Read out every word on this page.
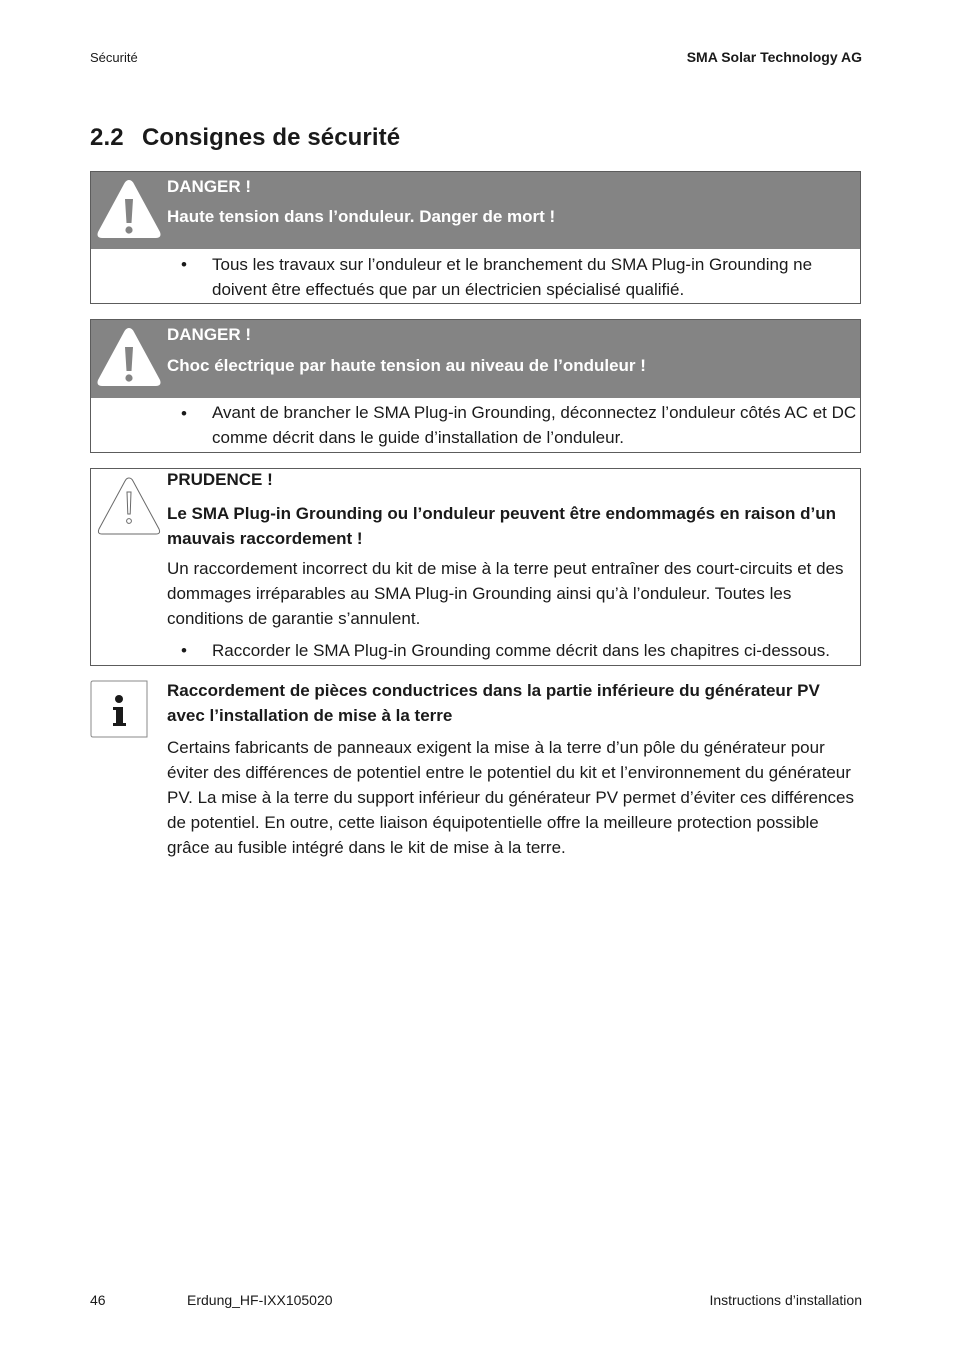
Sécurité	SMA Solar Technology AG
2.2 Consignes de sécurité
DANGER !
Haute tension dans l’onduleur. Danger de mort !
• Tous les travaux sur l’onduleur et le branchement du SMA Plug-in Grounding ne doivent être effectués que par un électricien spécialisé qualifié.
DANGER !
Choc électrique par haute tension au niveau de l’onduleur !
• Avant de brancher le SMA Plug-in Grounding, déconnectez l’onduleur côtés AC et DC comme décrit dans le guide d’installation de l’onduleur.
PRUDENCE !
Le SMA Plug-in Grounding ou l’onduleur peuvent être endommagés en raison d’un mauvais raccordement !
Un raccordement incorrect du kit de mise à la terre peut entraîner des court-circuits et des dommages irréparables au SMA Plug-in Grounding ainsi qu’à l’onduleur. Toutes les conditions de garantie s’annulent.
• Raccorder le SMA Plug-in Grounding comme décrit dans les chapitres ci-dessous.
Raccordement de pièces conductrices dans la partie inférieure du générateur PV avec l’installation de mise à la terre
Certains fabricants de panneaux exigent la mise à la terre d’un pôle du générateur pour éviter des différences de potentiel entre le potentiel du kit et l’environnement du générateur PV. La mise à la terre du support inférieur du générateur PV permet d’éviter ces différences de potentiel. En outre, cette liaison équipotentielle offre la meilleure protection possible grâce au fusible intégré dans le kit de mise à la terre.
46	Erdung_HF-IXX105020	Instructions d’installation
